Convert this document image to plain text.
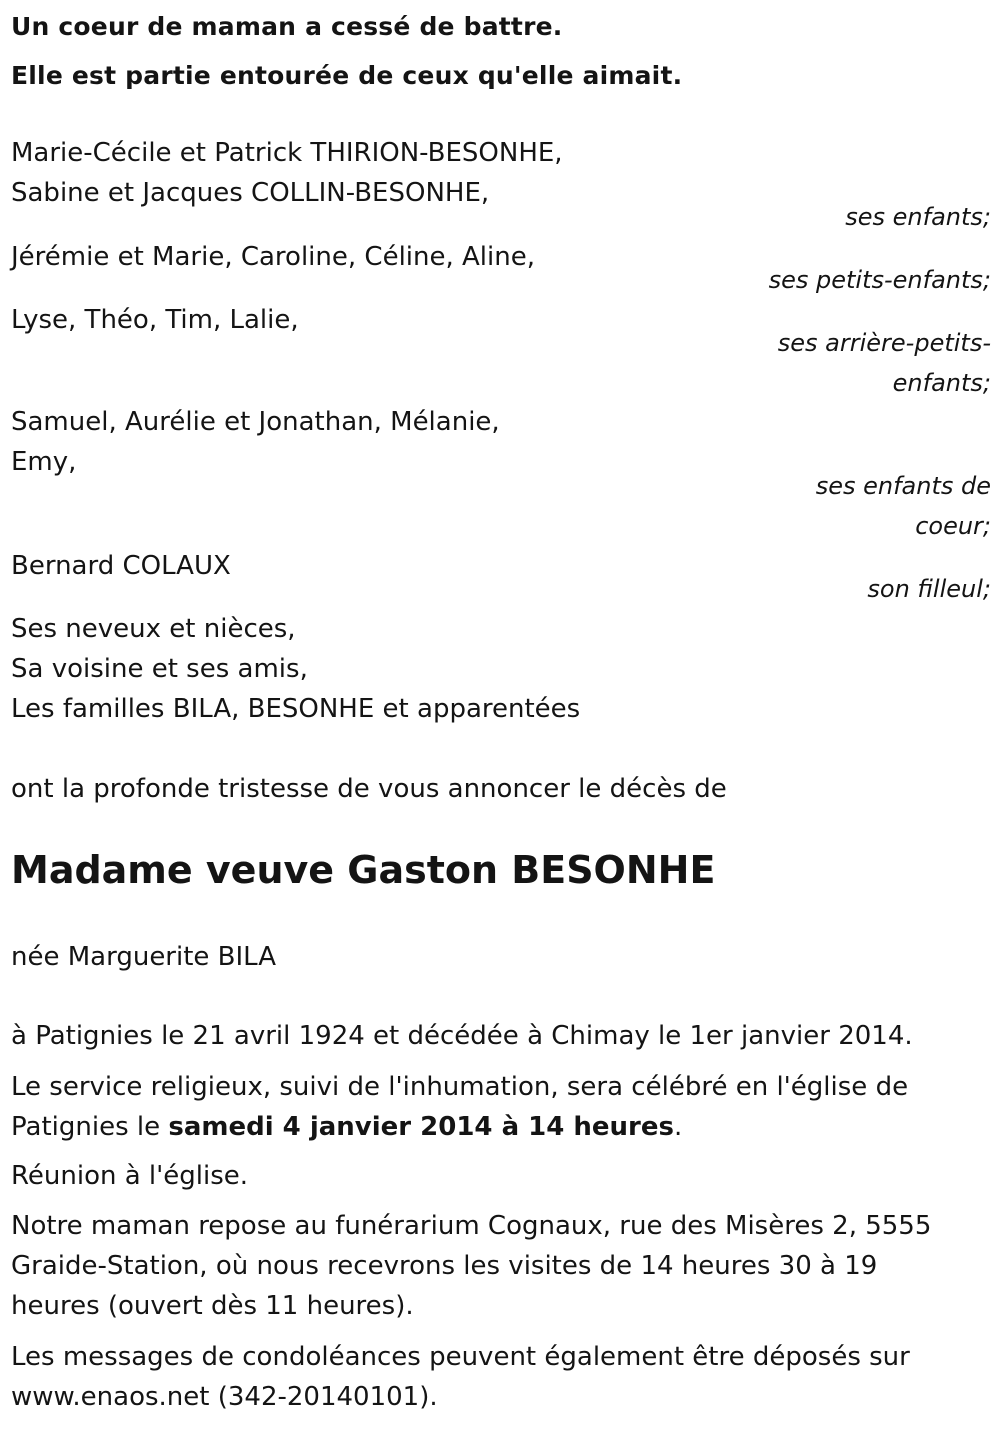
Un coeur de maman a cessé de battre.
Elle est partie entourée de ceux qu'elle aimait.
Marie-Cécile et Patrick THIRION-BESONHE,
Sabine et Jacques COLLIN-BESONHE,
ses enfants;
Jérémie et Marie, Caroline, Céline, Aline,
ses petits-enfants;
Lyse, Théo, Tim, Lalie,
ses arrière-petits-
enfants;
Samuel, Aurélie et Jonathan, Mélanie,
Emy,
ses enfants de
coeur;
Bernard COLAUX
son filleul;
Ses neveux et nièces,
Sa voisine et ses amis,
Les familles BILA, BESONHE et apparentées
ont la profonde tristesse de vous annoncer le décès de
Madame veuve Gaston BESONHE
née Marguerite BILA
à Patignies le 21 avril 1924 et décédée à Chimay le 1er janvier 2014.
Le service religieux, suivi de l'inhumation, sera célébré en l'église de Patignies le samedi 4 janvier 2014 à 14 heures.
Réunion à l'église.
Notre maman repose au funérarium Cognaux, rue des Misères 2, 5555 Graide-Station, où nous recevrons les visites de 14 heures 30 à 19 heures (ouvert dès 11 heures).
Les messages de condoléances peuvent également être déposés sur www.enaos.net (342-20140101).
